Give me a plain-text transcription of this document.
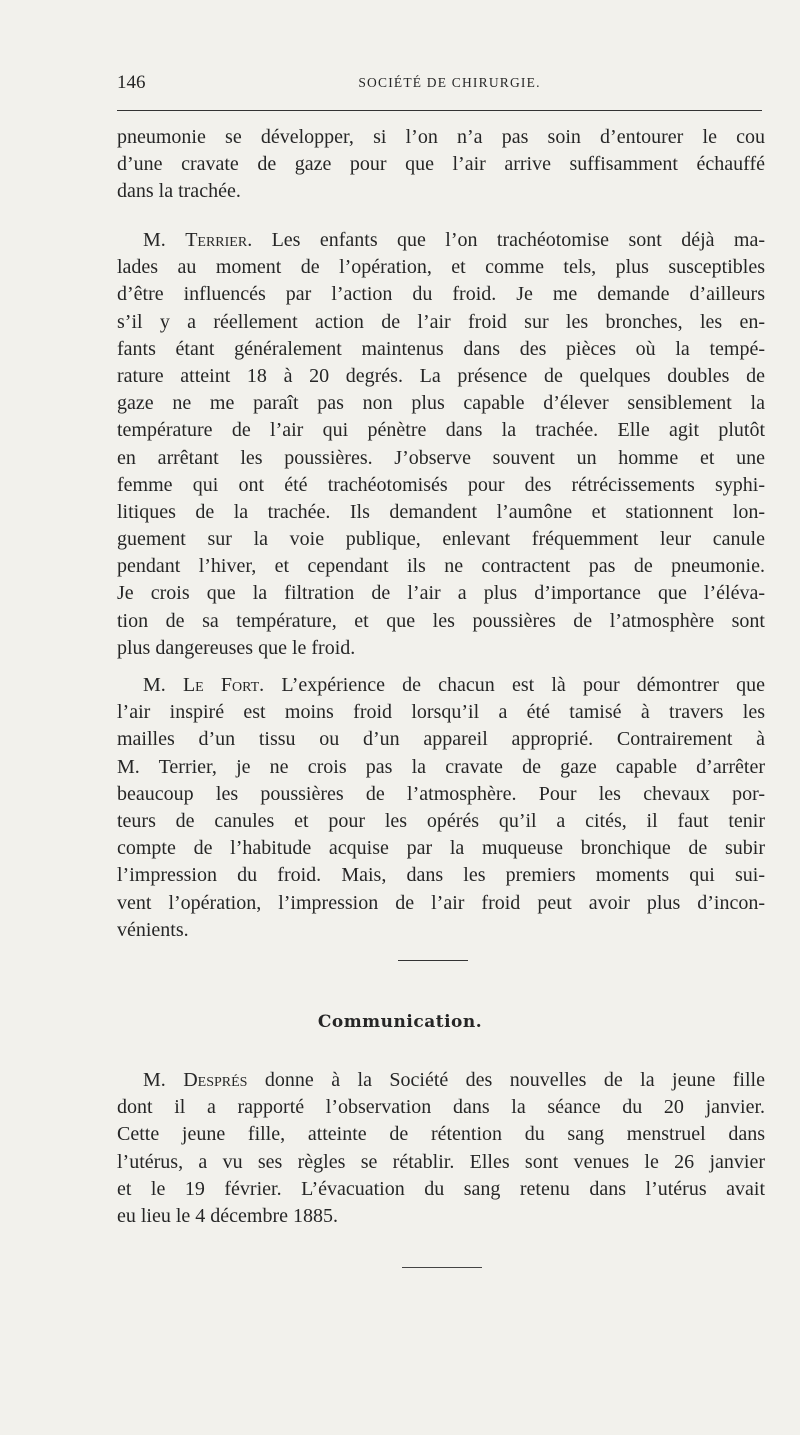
146	SOCIÉTÉ DE CHIRURGIE.
pneumonie se développer, si l’on n’a pas soin d’entourer le cou
d’une cravate de gaze pour que l’air arrive suffisamment échauffé
dans la trachée.
M. Terrier. Les enfants que l’on trachéotomise sont déjà ma-
lades au moment de l’opération, et comme tels, plus susceptibles
d’être influencés par l’action du froid. Je me demande d’ailleurs
s’il y a réellement action de l’air froid sur les bronches, les en-
fants étant généralement maintenus dans des pièces où la tempé-
rature atteint 18 à 20 degrés. La présence de quelques doubles de
gaze ne me paraît pas non plus capable d’élever sensiblement la
température de l’air qui pénètre dans la trachée. Elle agit plutôt
en arrêtant les poussières. J’observe souvent un homme et une
femme qui ont été trachéotomisés pour des rétrécissements syphi-
litiques de la trachée. Ils demandent l’aumône et stationnent lon-
guement sur la voie publique, enlevant fréquemment leur canule
pendant l’hiver, et cependant ils ne contractent pas de pneumonie.
Je crois que la filtration de l’air a plus d’importance que l’éléva-
tion de sa température, et que les poussières de l’atmosphère sont
plus dangereuses que le froid.
M. Le Fort. L’expérience de chacun est là pour démontrer que
l’air inspiré est moins froid lorsqu’il a été tamisé à travers les
mailles d’un tissu ou d’un appareil approprié. Contrairement à
M. Terrier, je ne crois pas la cravate de gaze capable d’arrêter
beaucoup les poussières de l’atmosphère. Pour les chevaux por-
teurs de canules et pour les opérés qu’il a cités, il faut tenir
compte de l’habitude acquise par la muqueuse bronchique de subir
l’impression du froid. Mais, dans les premiers moments qui sui-
vent l’opération, l’impression de l’air froid peut avoir plus d’incon-
vénients.
Communication.
M. Després donne à la Société des nouvelles de la jeune fille
dont il a rapporté l’observation dans la séance du 20 janvier.
Cette jeune fille, atteinte de rétention du sang menstruel dans
l’utérus, a vu ses règles se rétablir. Elles sont venues le 26 janvier
et le 19 février. L’évacuation du sang retenu dans l’utérus avait
eu lieu le 4 décembre 1885.
